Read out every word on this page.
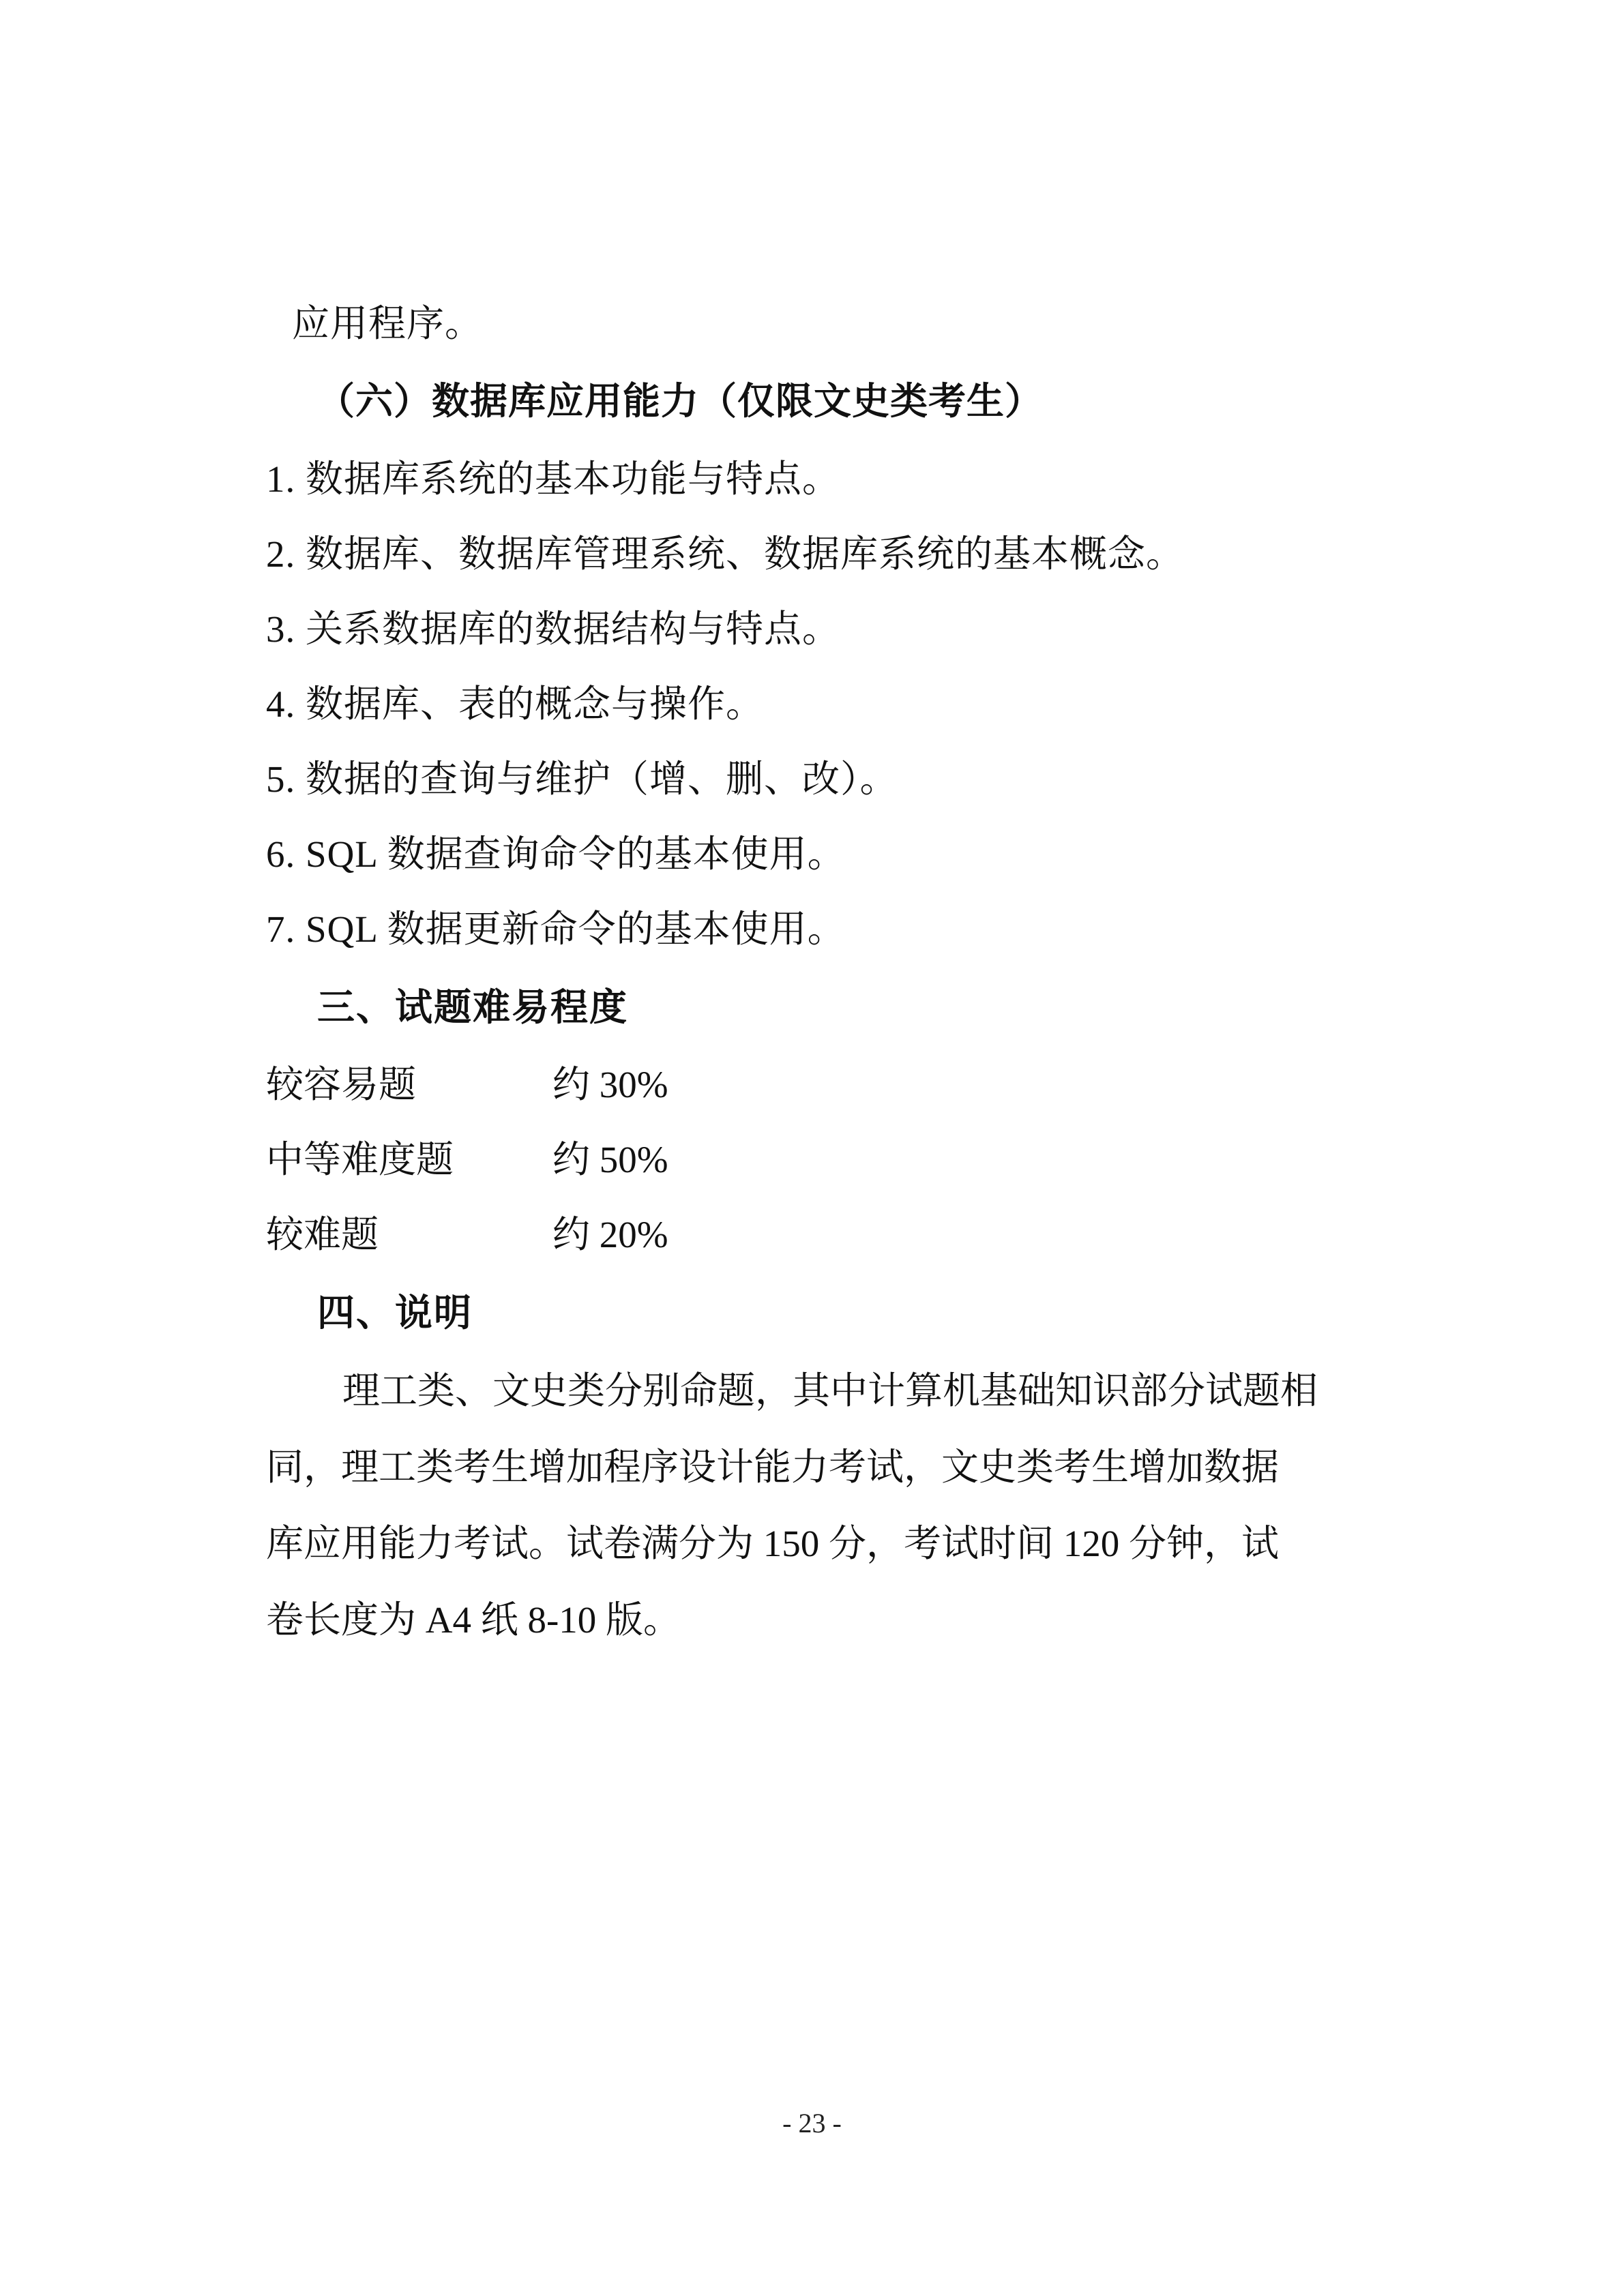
应用程序。
（六）数据库应用能力（仅限文史类考生）
1. 数据库系统的基本功能与特点。
2. 数据库、数据库管理系统、数据库系统的基本概念。
3. 关系数据库的数据结构与特点。
4. 数据库、表的概念与操作。
5. 数据的查询与维护（增、删、改）。
6. SQL 数据查询命令的基本使用。
7. SQL 数据更新命令的基本使用。
三、试题难易程度
较容易题	约 30%
中等难度题	约 50%
较难题	约 20%
四、说明
理工类、文史类分别命题，其中计算机基础知识部分试题相
同，理工类考生增加程序设计能力考试，文史类考生增加数据
库应用能力考试。试卷满分为 150 分，考试时间 120 分钟，试
卷长度为 A4 纸 8-10 版。
- 23 -
